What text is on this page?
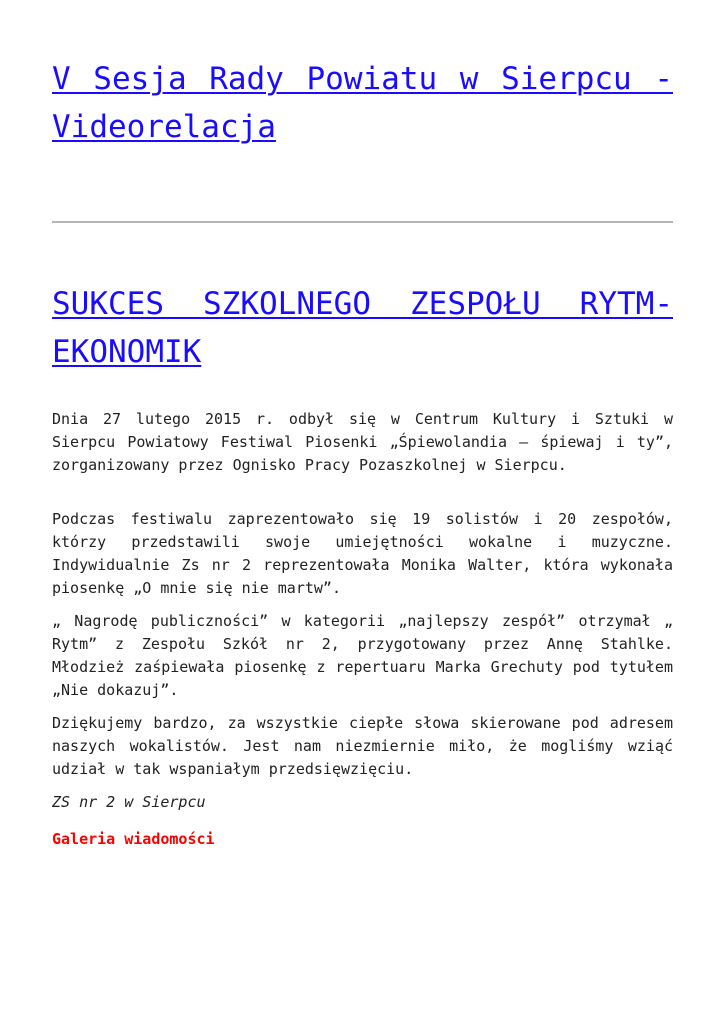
V Sesja Rady Powiatu w Sierpcu -Videorelacja
SUKCES SZKOLNEGO ZESPOŁU RYTM- EKONOMIK

Dnia 27 lutego 2015 r. odbył się w Centrum Kultury i Sztuki w Sierpcu Powiatowy Festiwal Piosenki „Śpiewolandia – śpiewaj i ty”, zorganizowany przez Ognisko Pracy Pozaszkolnej w Sierpcu.

Podczas festiwalu zaprezentowało się 19 solistów i 20 zespołów, którzy przedstawili swoje umiejętności wokalne i muzyczne. Indywidualnie Zs nr 2 reprezentowała Monika Walter, która wykonała piosenkę „O mnie się nie martw”.

„ Nagrodę publiczności” w kategorii „najlepszy zespół” otrzymał „ Rytm” z Zespołu Szkół nr 2, przygotowany przez Annę Stahlke. Młodzież zaśpiewała piosenkę z repertuaru Marka Grechuty pod tytułem „Nie dokazuj”.

Dziękujemy bardzo, za wszystkie ciepłe słowa skierowane pod adresem naszych wokalistów. Jest nam niezmiernie miło, że mogliśmy wziąć udział w tak wspaniałym przedsięwzięciu.

ZS nr 2 w Sierpcu

Galeria wiadomości
